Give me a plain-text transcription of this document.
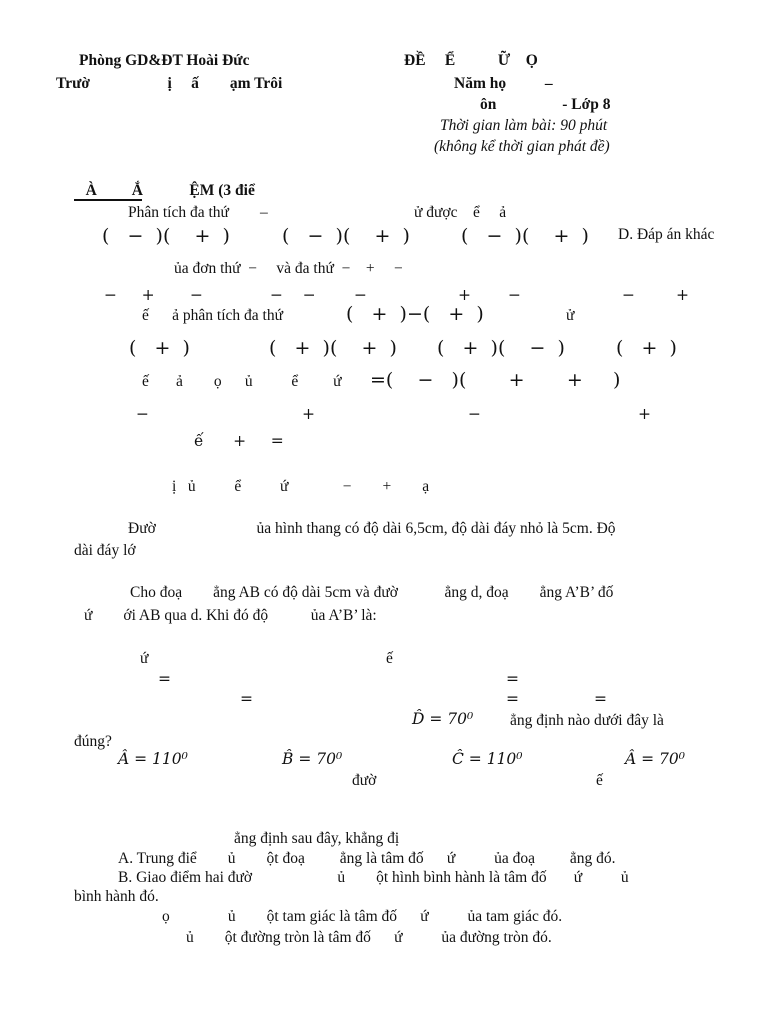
Phòng GD&ĐT Hoài Đức	ĐỀ     Ể           Ữ    Ọ
Trườ                    ị     ấ        ạm Trôi	Năm họ          –
ôn                 - Lớp 8
Thời gian làm bài: 90 phút
(không kể thời gian phát đề)
À         Ắ            ỆM (3 điể
Phân tích đa thứ        –	ử được    ể     ả
(   −  )(    +  )	(   −  )(    +  )	(   −  )(    +  ) D. Đáp án khác
ủa đơn thứ  −     và đa thứ  −    +     −
−     + −	−    − −	+ −	−	+
ế      ả phân tích đa thứ	(   +  )−(   +  )	ử
(   +  )	(   +  )(    +  ) (   +  )(    −  )	(   +  )
ế       ả        ọ      ủ          ể         ứ =(    −   )(       +       +     )
−	+	−	+
ế      +     =
ị   ủ          ể          ứ              −        +        ạ
Đườ                          ủa hình thang có độ dài 6,5cm, độ dài đáy nhỏ là 5cm. Độ
dài đáy lớ
Cho đoạ        ẳng AB có độ dài 5cm và đườ            ẳng d, đoạ        ẳng A’B’ đố
ứ        ới AB qua d. Khi đó độ           ủa A’B’ là:
ứ	ế
=	=
=	=	=
D̂ = 70⁰ ẳng định nào dưới đây là
đúng?
Â = 110⁰	B̂ = 70⁰	Ĉ = 110⁰	Â = 70⁰
đườ	ế
ẳng định sau đây, khẳng đị
A. Trung điể        ủ        ột đoạ         ẳng là tâm đố      ứ          ủa đoạ         ẳng đó.
B. Giao điểm hai đườ                      ủ        ột hình bình hành là tâm đố       ứ          ủ
bình hành đó.
ọ               ủ        ột tam giác là tâm đố      ứ          ủa tam giác đó.
ủ        ột đường tròn là tâm đố      ứ          ủa đường tròn đó.
